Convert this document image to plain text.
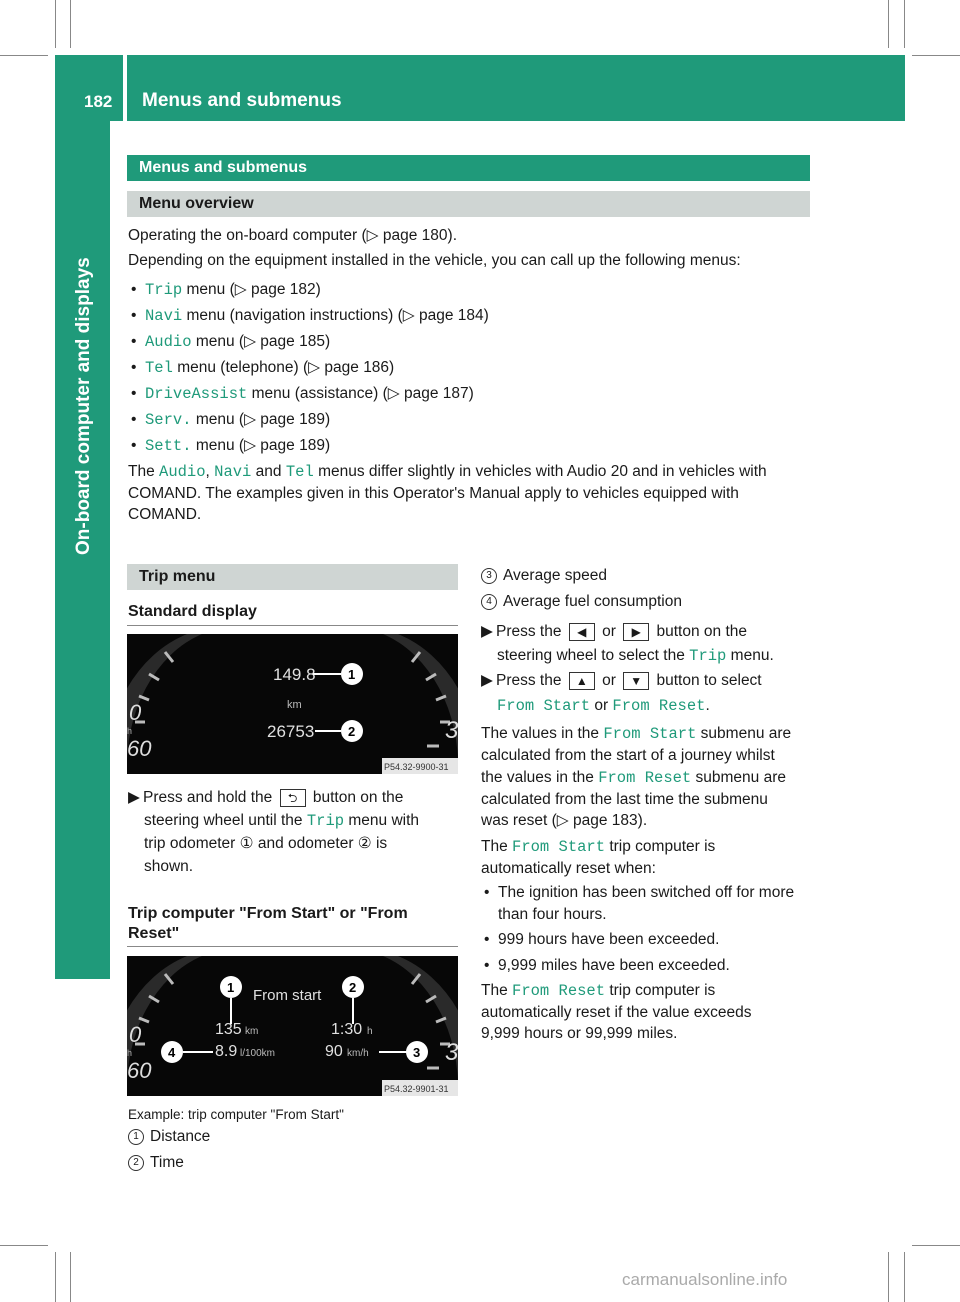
182 Menus and submenus
On-board computer and displays
Menus and submenus
Menu overview
Operating the on-board computer (▷ page 180).
Depending on the equipment installed in the vehicle, you can call up the following menus:
• Trip menu (▷ page 182)
• Navi menu (navigation instructions) (▷ page 184)
• Audio menu (▷ page 185)
• Tel menu (telephone) (▷ page 186)
• DriveAssist menu (assistance) (▷ page 187)
• Serv. menu (▷ page 189)
• Sett. menu (▷ page 189)
The Audio, Navi and Tel menus differ slightly in vehicles with Audio 20 and in vehicles with
COMAND. The examples given in this Operator's Manual apply to vehicles equipped with
COMAND.
Trip menu
Standard display
0
60
3
h
149.8
km
26753
1
2
P54.32-9900-31
▶ Press and hold the ⮌ button on the
steering wheel until the Trip menu with
trip odometer ① and odometer ② is
shown.
Trip computer "From Start" or "From
Reset"
0
60
3
h
From start
135 km	1:30 h
8.9 l/100km	90 km/h
1	2
3
4
P54.32-9901-31
Example: trip computer "From Start"
1 Distance
2 Time
3 Average speed
4 Average fuel consumption
▶ Press the ◀ or ▶ button on the
steering wheel to select the Trip menu.
▶ Press the ▲ or ▼ button to select
From Start or From Reset.
The values in the From Start submenu are
calculated from the start of a journey whilst
the values in the From Reset submenu are
calculated from the last time the submenu
was reset (▷ page 183).
The From Start trip computer is
automatically reset when:
• The ignition has been switched off for more
than four hours.
• 999 hours have been exceeded.
• 9,999 miles have been exceeded.
The From Reset trip computer is
automatically reset if the value exceeds
9,999 hours or 99,999 miles.
carmanualsonline.info
